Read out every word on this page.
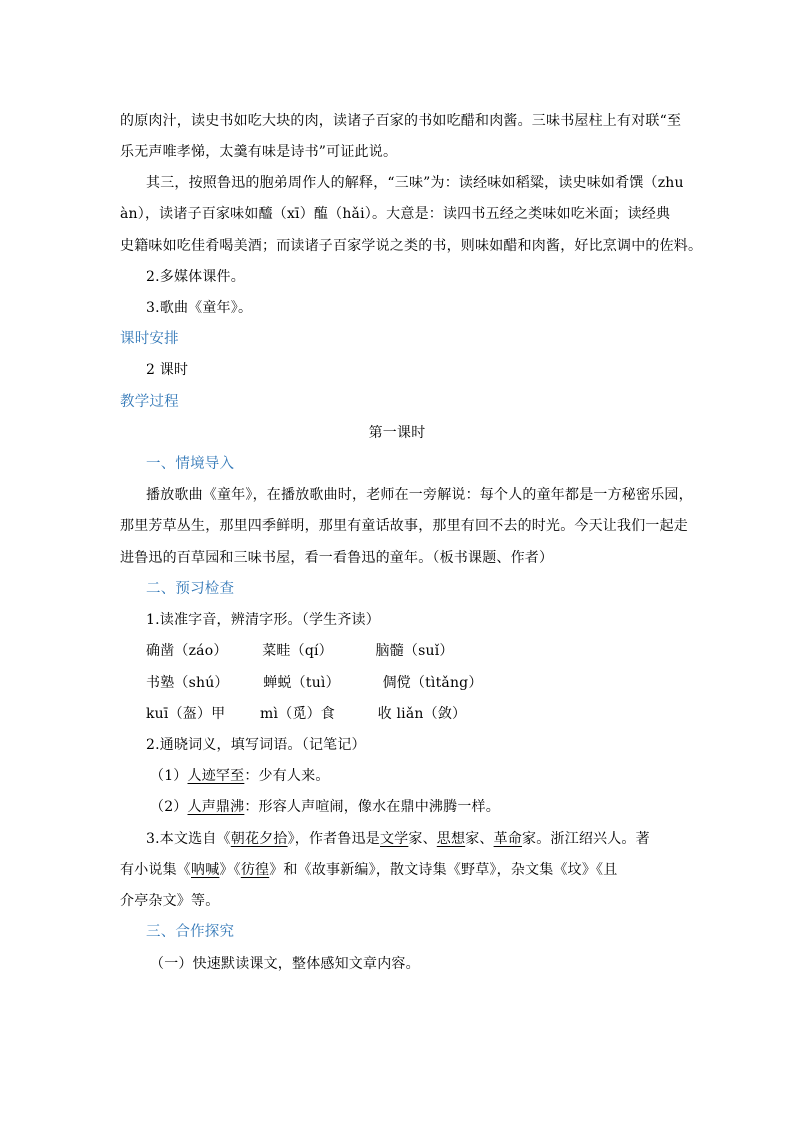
的原肉汁，读史书如吃大块的肉，读诸子百家的书如吃醋和肉酱。三味书屋柱上有对联“至
乐无声唯孝悌，太羹有味是诗书”可证此说。
其三，按照鲁迅的胞弟周作人的解释，“三味”为：读经味如稻粱，读史味如肴馔（zhu
àn），读诸子百家味如醯（xī）醢（hǎi）。大意是：读四书五经之类味如吃米面；读经典
史籍味如吃佳肴喝美酒；而读诸子百家学说之类的书，则味如醋和肉酱，好比烹调中的佐料。
2.多媒体课件。
3.歌曲《童年》。
课时安排
2 课时
教学过程
第一课时
一、情境导入
播放歌曲《童年》，在播放歌曲时，老师在一旁解说：每个人的童年都是一方秘密乐园，
那里芳草丛生，那里四季鲜明，那里有童话故事，那里有回不去的时光。今天让我们一起走
进鲁迅的百草园和三味书屋，看一看鲁迅的童年。（板书课题、作者）
二、预习检查
1.读准字音，辨清字形。（学生齐读）
确凿（záo） 菜畦（qí）	脑髓（suǐ）
书塾（shú） 蝉蜕（tuì）	倜傥（tìtǎng）
kuī（盔）甲 mì（觅）食	收 liǎn（敛）
2.通晓词义，填写词语。（记笔记）
（1）人迹罕至：少有人来。
（2）人声鼎沸：形容人声喧闹，像水在鼎中沸腾一样。
3.本文选自《朝花夕拾》，作者鲁迅是文学家、思想家、革命家。浙江绍兴人。著
有小说集《呐喊》《彷徨》和《故事新编》，散文诗集《野草》，杂文集《坟》《且
介亭杂文》等。
三、合作探究
（一）快速默读课文，整体感知文章内容。
